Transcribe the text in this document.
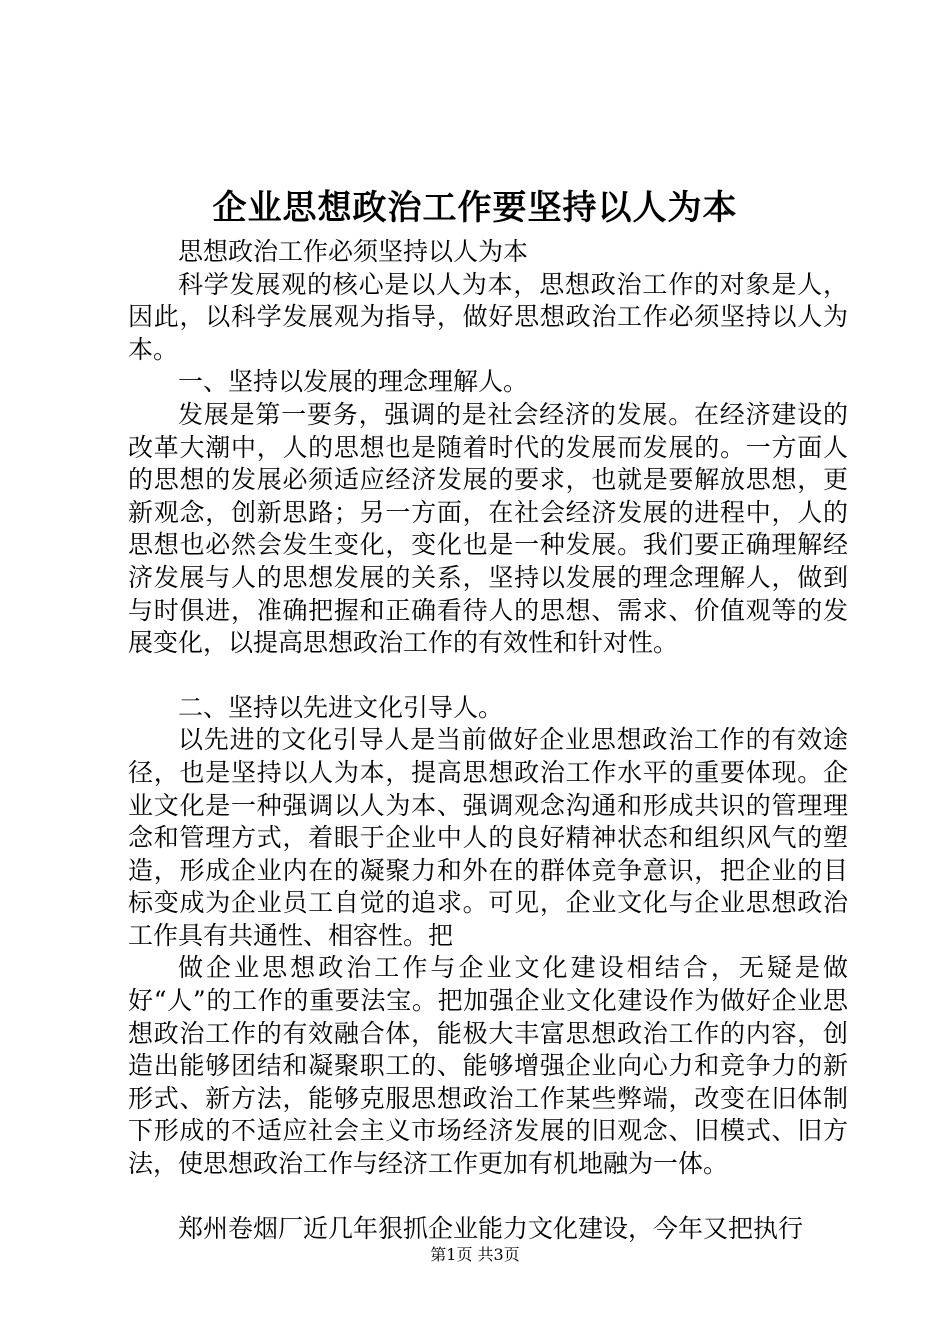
企业思想政治工作要坚持以人为本

思想政治工作必须坚持以人为本

科学发展观的核心是以人为本，思想政治工作的对象是人，因此，以科学发展观为指导，做好思想政治工作必须坚持以人为本。

一、坚持以发展的理念理解人。

发展是第一要务，强调的是社会经济的发展。在经济建设的改革大潮中，人的思想也是随着时代的发展而发展的。一方面人的思想的发展必须适应经济发展的要求，也就是要解放思想，更新观念，创新思路；另一方面，在社会经济发展的进程中，人的思想也必然会发生变化，变化也是一种发展。我们要正确理解经济发展与人的思想发展的关系，坚持以发展的理念理解人，做到与时俱进，准确把握和正确看待人的思想、需求、价值观等的发展变化，以提高思想政治工作的有效性和针对性。

二、坚持以先进文化引导人。

以先进的文化引导人是当前做好企业思想政治工作的有效途径，也是坚持以人为本，提高思想政治工作水平的重要体现。企业文化是一种强调以人为本、强调观念沟通和形成共识的管理理念和管理方式，着眼于企业中人的良好精神状态和组织风气的塑造，形成企业内在的凝聚力和外在的群体竞争意识，把企业的目标变成为企业员工自觉的追求。可见，企业文化与企业思想政治工作具有共通性、相容性。把

做企业思想政治工作与企业文化建设相结合，无疑是做好“人”的工作的重要法宝。把加强企业文化建设作为做好企业思想政治工作的有效融合体，能极大丰富思想政治工作的内容，创造出能够团结和凝聚职工的、能够增强企业向心力和竞争力的新形式、新方法，能够克服思想政治工作某些弊端，改变在旧体制下形成的不适应社会主义市场经济发展的旧观念、旧模式、旧方法，使思想政治工作与经济工作更加有机地融为一体。

郑州卷烟厂近几年狠抓企业能力文化建设，今年又把执行

第1页 共3页
